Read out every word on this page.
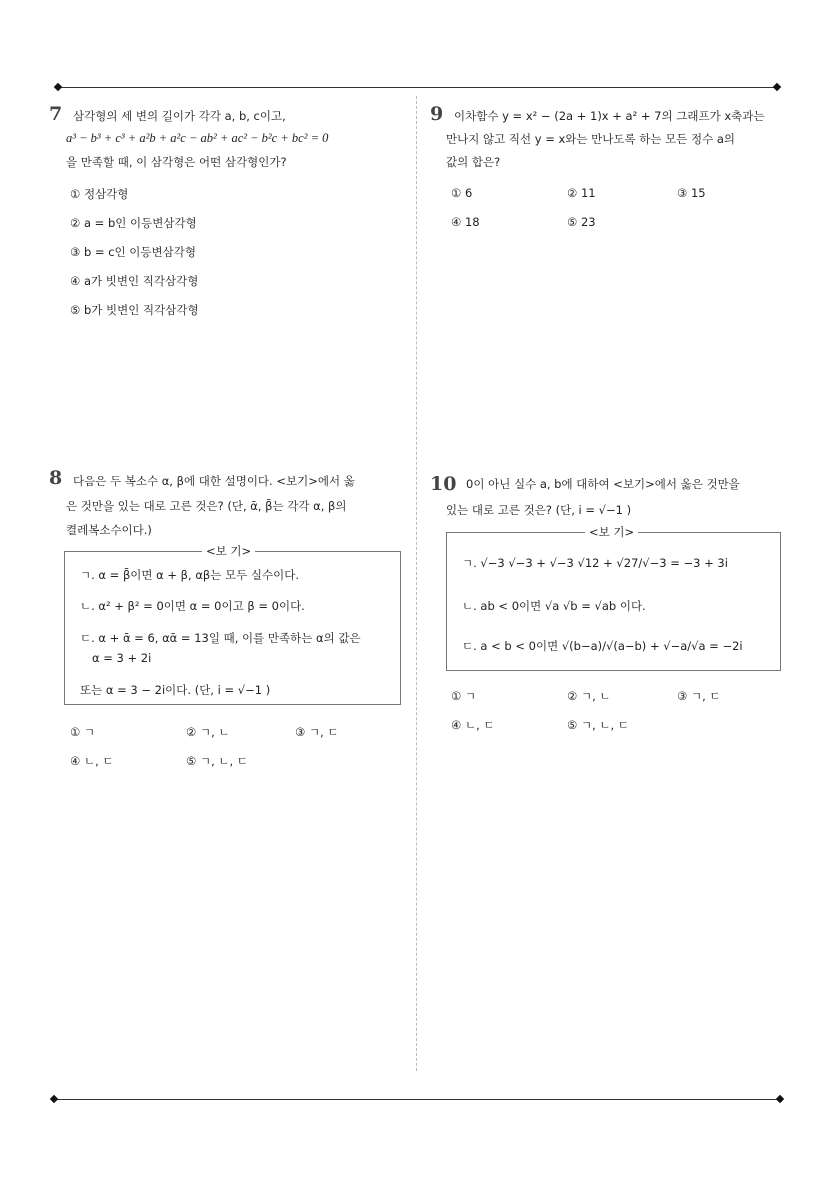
7 삼각형의 세 변의 길이가 각각 a, b, c이고,
a³ − b³ + c³ + a²b + a²c − ab² + ac² − b²c + bc² = 0
을 만족할 때, 이 삼각형은 어떤 삼각형인가?
① 정삼각형
② a = b인 이등변삼각형
③ b = c인 이등변삼각형
④ a가 빗변인 직각삼각형
⑤ b가 빗변인 직각삼각형
9 이차함수 y = x² − (2a + 1)x + a² + 7의 그래프가 x축과는
만나지 않고 직선 y = x와는 만나도록 하는 모든 정수 a의
값의 합은?
① 6	② 11	③ 15
④ 18	⑤ 23
8 다음은 두 복소수 α, β에 대한 설명이다. <보기>에서 옳
은 것만을 있는 대로 고른 것은? (단, ᾱ, β̄는 각각 α, β의
켤레복소수이다.)
<보 기>
ㄱ. α = β̄이면 α + β, αβ는 모두 실수이다.
ㄴ. α² + β² = 0이면 α = 0이고 β = 0이다.
ㄷ. α + ᾱ = 6, αᾱ = 13일 때, 이를 만족하는 α의 값은
α = 3 + 2i
또는 α = 3 − 2i이다. (단, i = √−1 )
① ㄱ	② ㄱ, ㄴ	③ ㄱ, ㄷ
④ ㄴ, ㄷ	⑤ ㄱ, ㄴ, ㄷ
10 0이 아닌 실수 a, b에 대하여 <보기>에서 옳은 것만을
있는 대로 고른 것은? (단, i = √−1 )
<보 기>
ㄱ. √−3 √−3 + √−3 √12 + √27/√−3 = −3 + 3i
ㄴ. ab < 0이면 √a √b = √ab 이다.
ㄷ. a < b < 0이면 √(b−a)/√(a−b) + √−a/√a = −2i
① ㄱ	② ㄱ, ㄴ	③ ㄱ, ㄷ
④ ㄴ, ㄷ	⑤ ㄱ, ㄴ, ㄷ
